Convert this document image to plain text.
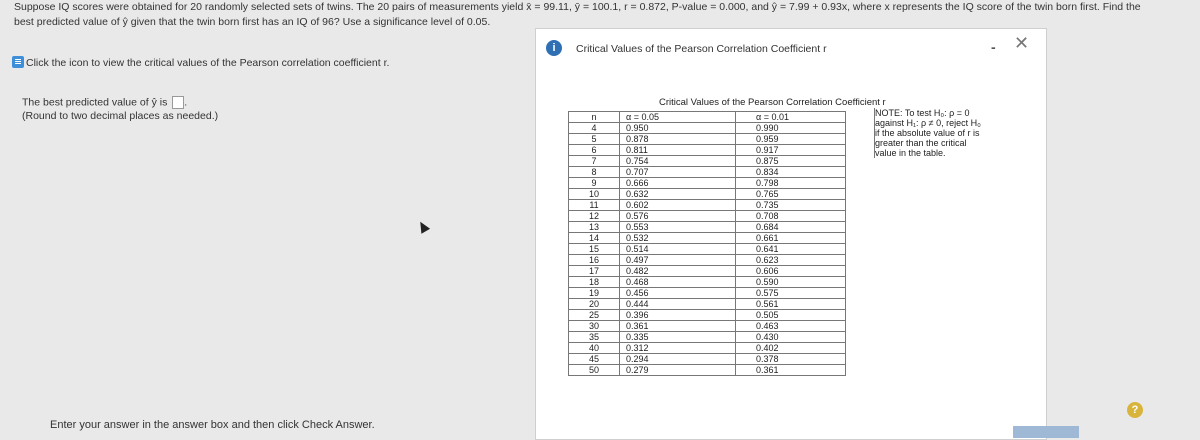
Suppose IQ scores were obtained for 20 randomly selected sets of twins. The 20 pairs of measurements yield x̄ = 99.11, ȳ = 100.1, r = 0.872, P-value = 0.000, and ŷ = 7.99 + 0.93x, where x represents the IQ score of the twin born first. Find the
best predicted value of ŷ given that the twin born first has an IQ of 96? Use a significance level of 0.05.
Click the icon to view the critical values of the Pearson correlation coefficient r.
The best predicted value of ŷ is .
(Round to two decimal places as needed.)
Enter your answer in the answer box and then click Check Answer.
i	Critical Values of the Pearson Correlation Coefficient r	- ✕
Critical Values of the Pearson Correlation Coefficient r
n	α = 0.05	α = 0.01
4	0.950	0.990
5	0.878	0.959
6	0.811	0.917
7	0.754	0.875
8	0.707	0.834
9	0.666	0.798
10	0.632	0.765
11	0.602	0.735
12	0.576	0.708
13	0.553	0.684
14	0.532	0.661
15	0.514	0.641
16	0.497	0.623
17	0.482	0.606
18	0.468	0.590
19	0.456	0.575
20	0.444	0.561
25	0.396	0.505
30	0.361	0.463
35	0.335	0.430
40	0.312	0.402
45	0.294	0.378
50	0.279	0.361
NOTE: To test H₀: ρ = 0
against H₁: ρ ≠ 0, reject H₀
if the absolute value of r is
greater than the critical
value in the table.
?
